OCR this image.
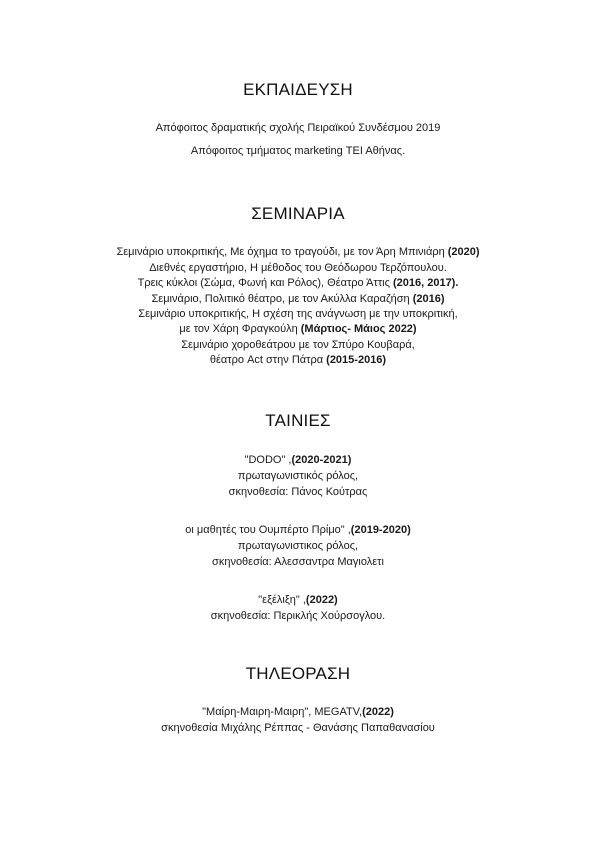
ΕΚΠΑΙΔΕΥΣΗ
Απόφοιτος δραματικής σχολής Πειραϊκού Συνδέσμου 2019
Απόφοιτος τμήματος marketing ΤΕΙ Αθήνας.
ΣΕΜΙΝΑΡΙΑ
Σεμινάριο υποκριτικής, Με όχημα το τραγούδι, με τον Άρη Μπινιάρη (2020)
Διεθνές εργαστήριο, Η μέθοδος του Θεόδωρου Τερζόπουλου.
Τρεις κύκλοι (Σώμα, Φωνή και Ρόλος), Θέατρο Άττις (2016, 2017).
Σεμινάριο, Πολιτικό θέατρο, με τον Ακύλλα Καραζήση (2016)
Σεμινάριο υποκριτικής, Η σχέση της ανάγνωση με την υποκριτική,
με τον Χάρη Φραγκούλη (Μάρτιος- Μάιος 2022)
Σεμινάριο χοροθεάτρου με τον Σπύρο Κουβαρά,
θέατρο Act στην Πάτρα (2015-2016)
ΤΑΙΝΙΕΣ
"DODO" ,(2020-2021)
πρωταγωνιστικός ρόλος,
σκηνοθεσία: Πάνος Κούτρας
οι μαθητές του Ουμπέρτο Πρίμο" ,(2019-2020)
πρωταγωνιστικος ρόλος,
σκηνοθεσία: Αλεσσαντρα Μαγιολετι
"εξέλιξη" ,(2022)
σκηνοθεσία: Περικλής Χούρσογλου.
ΤΗΛΕΟΡΑΣΗ
"Μαίρη-Μαιρη-Μαιρη", MEGATV,(2022)
σκηνοθεσία Μιχάλης Ρέππας - Θανάσης Παπαθανασίου
